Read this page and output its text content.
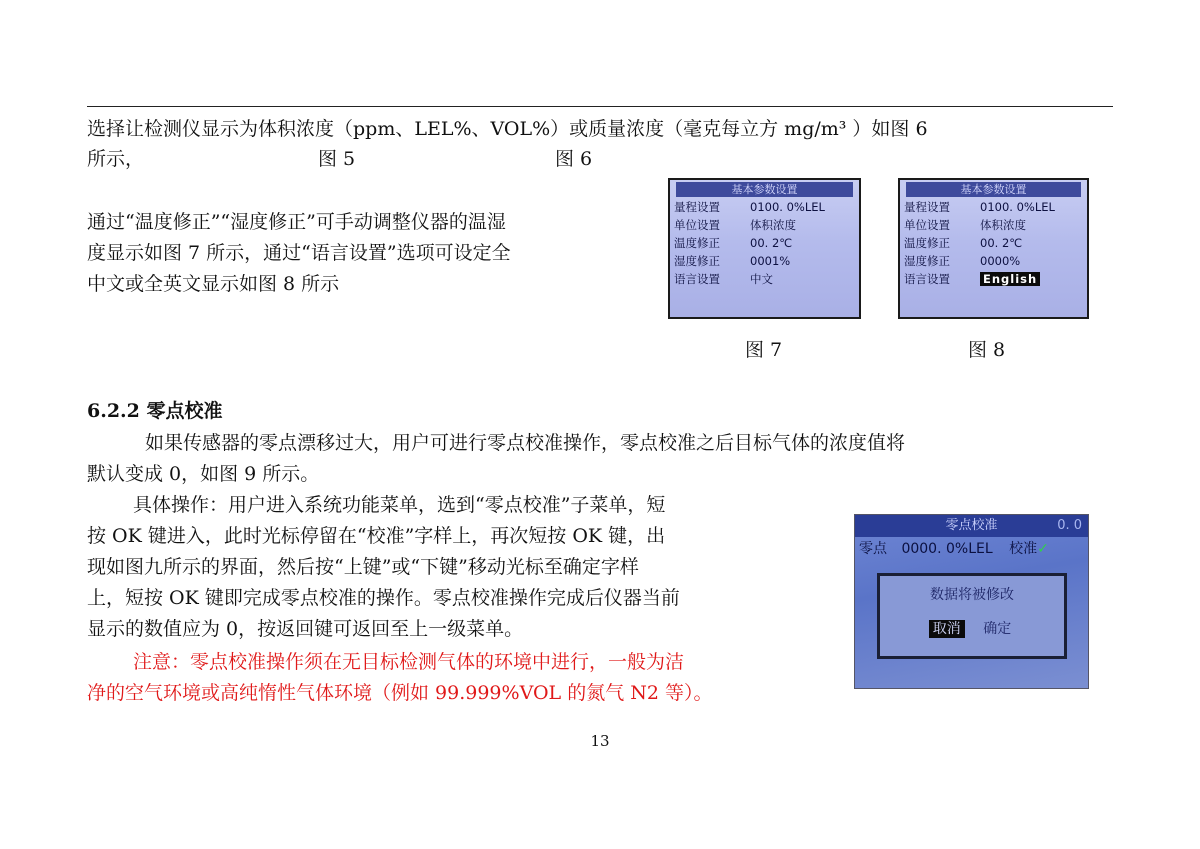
选择让检测仪显示为体积浓度（ppm、LEL%、VOL%）或质量浓度（毫克每立方 mg/m³ ）如图 6
所示，	图 5	图 6
通过“温度修正”“湿度修正”可手动调整仪器的温湿
度显示如图 7 所示，通过“语言设置”选项可设定全
中文或全英文显示如图 8 所示
基本参数设置
量程设置	0100. 0%LEL
单位设置	体积浓度
温度修正	00. 2℃
湿度修正	0001%
语言设置	中文
基本参数设置
量程设置	0100. 0%LEL
单位设置	体积浓度
温度修正	00. 2℃
湿度修正	0000%
语言设置	English
图 7	图 8
6.2.2 零点校准
如果传感器的零点漂移过大，用户可进行零点校准操作，零点校准之后目标气体的浓度值将
默认变成 0，如图 9 所示。
具体操作：用户进入系统功能菜单，选到“零点校准”子菜单，短
按 OK 键进入，此时光标停留在“校准”字样上，再次短按 OK 键，出
现如图九所示的界面，然后按“上键”或“下键”移动光标至确定字样
上，短按 OK 键即完成零点校准的操作。零点校准操作完成后仪器当前
显示的数值应为 0，按返回键可返回至上一级菜单。
注意：零点校准操作须在无目标检测气体的环境中进行，一般为洁
净的空气环境或高纯惰性气体环境（例如 99.999%VOL 的氮气 N2 等）。
零点校准	0. 0
零点 0000. 0%LEL 校准✓
数据将被修改
取消 确定
13
